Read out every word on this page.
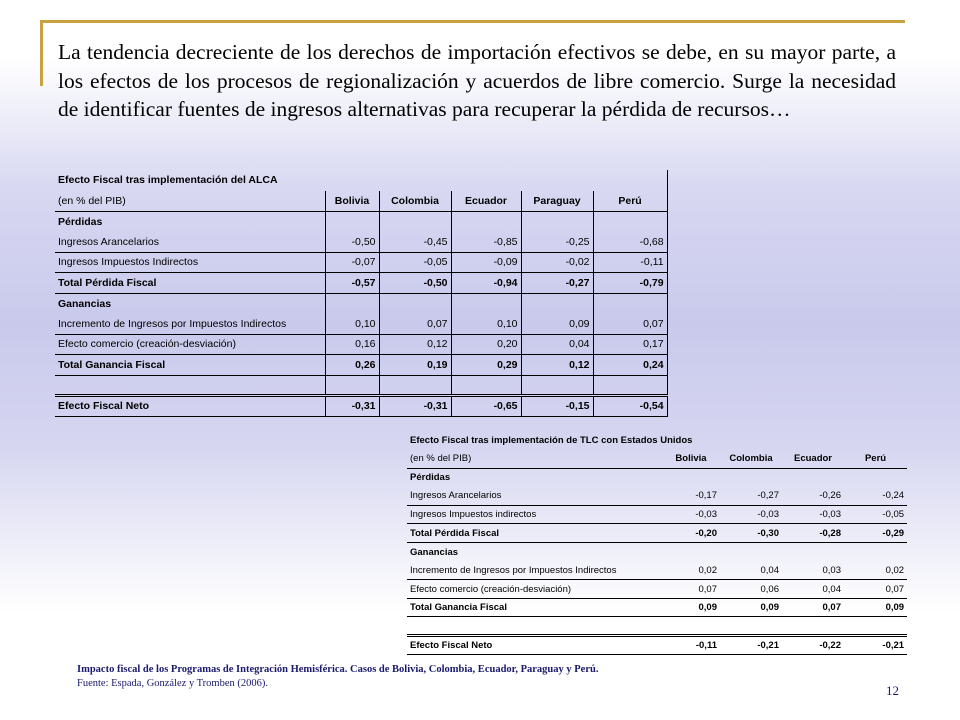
La tendencia decreciente de los derechos de importación efectivos se debe, en su mayor parte, a los efectos de los procesos de regionalización y acuerdos de libre comercio. Surge la necesidad de identificar fuentes de ingresos alternativas para recuperar la pérdida de recursos…

Efecto Fiscal tras implementación del ALCA					
(en % del PIB)	Bolivia	Colombia	Ecuador	Paraguay	Perú
Pérdidas					
Ingresos Arancelarios	-0,50	-0,45	-0,85	-0,25	-0,68
Ingresos Impuestos Indirectos	-0,07	-0,05	-0,09	-0,02	-0,11
Total Pérdida Fiscal	-0,57	-0,50	-0,94	-0,27	-0,79
Ganancias					
Incremento de Ingresos por Impuestos Indirectos	0,10	0,07	0,10	0,09	0,07
Efecto comercio (creación-desviación)	0,16	0,12	0,20	0,04	0,17
Total Ganancia Fiscal	0,26	0,19	0,29	0,12	0,24

Efecto Fiscal Neto	-0,31	-0,31	-0,65	-0,15	-0,54
Efecto Fiscal tras implementación de TLC con Estados Unidos				
(en % del PIB)	Bolivia	Colombia	Ecuador	Perú
Pérdidas				
Ingresos Arancelarios	-0,17	-0,27	-0,26	-0,24
Ingresos Impuestos indirectos	-0,03	-0,03	-0,03	-0,05
Total Pérdida Fiscal	-0,20	-0,30	-0,28	-0,29
Ganancias				
Incremento de Ingresos por Impuestos Indirectos	0,02	0,04	0,03	0,02
Efecto comercio (creación-desviación)	0,07	0,06	0,04	0,07
Total Ganancia Fiscal	0,09	0,09	0,07	0,09

Efecto Fiscal Neto	-0,11	-0,21	-0,22	-0,21
Impacto fiscal de los Programas de Integración Hemisférica. Casos de Bolivia, Colombia, Ecuador, Paraguay y Perú.
Fuente: Espada, González y Tromben (2006).	12
